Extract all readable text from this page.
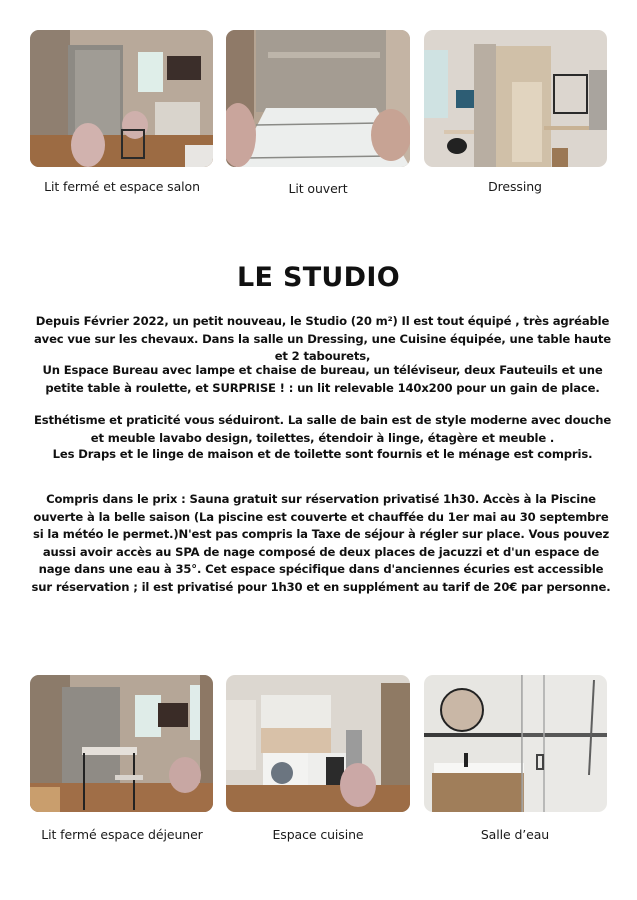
Lit fermé et espace salon	Lit ouvert	Dressing
LE STUDIO
Depuis Février 2022, un petit nouveau, le Studio (20 m²) Il est tout équipé , très agréable avec vue sur les chevaux. Dans la salle un Dressing, une Cuisine équipée, une table haute et 2 tabourets,
Un Espace Bureau avec lampe et chaise de bureau, un téléviseur, deux Fauteuils et une petite table à roulette, et SURPRISE ! : un lit relevable 140x200 pour un gain de place.
Esthétisme et praticité vous séduiront. La salle de bain est de style moderne avec douche et meuble lavabo design, toilettes, étendoir à linge, étagère et meuble .
Les Draps et le linge de maison et de toilette sont fournis et le ménage est compris.
Compris dans le prix : Sauna gratuit sur réservation privatisé 1h30. Accès à la Piscine ouverte à la belle saison (La piscine est couverte et chauffée du 1er mai au 30 septembre si la météo le permet.)N'est pas compris la Taxe de séjour à régler sur place. Vous pouvez aussi avoir accès au SPA de nage composé de deux places de jacuzzi et d'un espace de nage dans une eau à 35°. Cet espace spécifique dans d'anciennes écuries est accessible sur réservation ; il est privatisé pour 1h30 et en supplément au tarif de 20€ par personne.
Lit fermé espace déjeuner	Espace cuisine	Salle d’eau
